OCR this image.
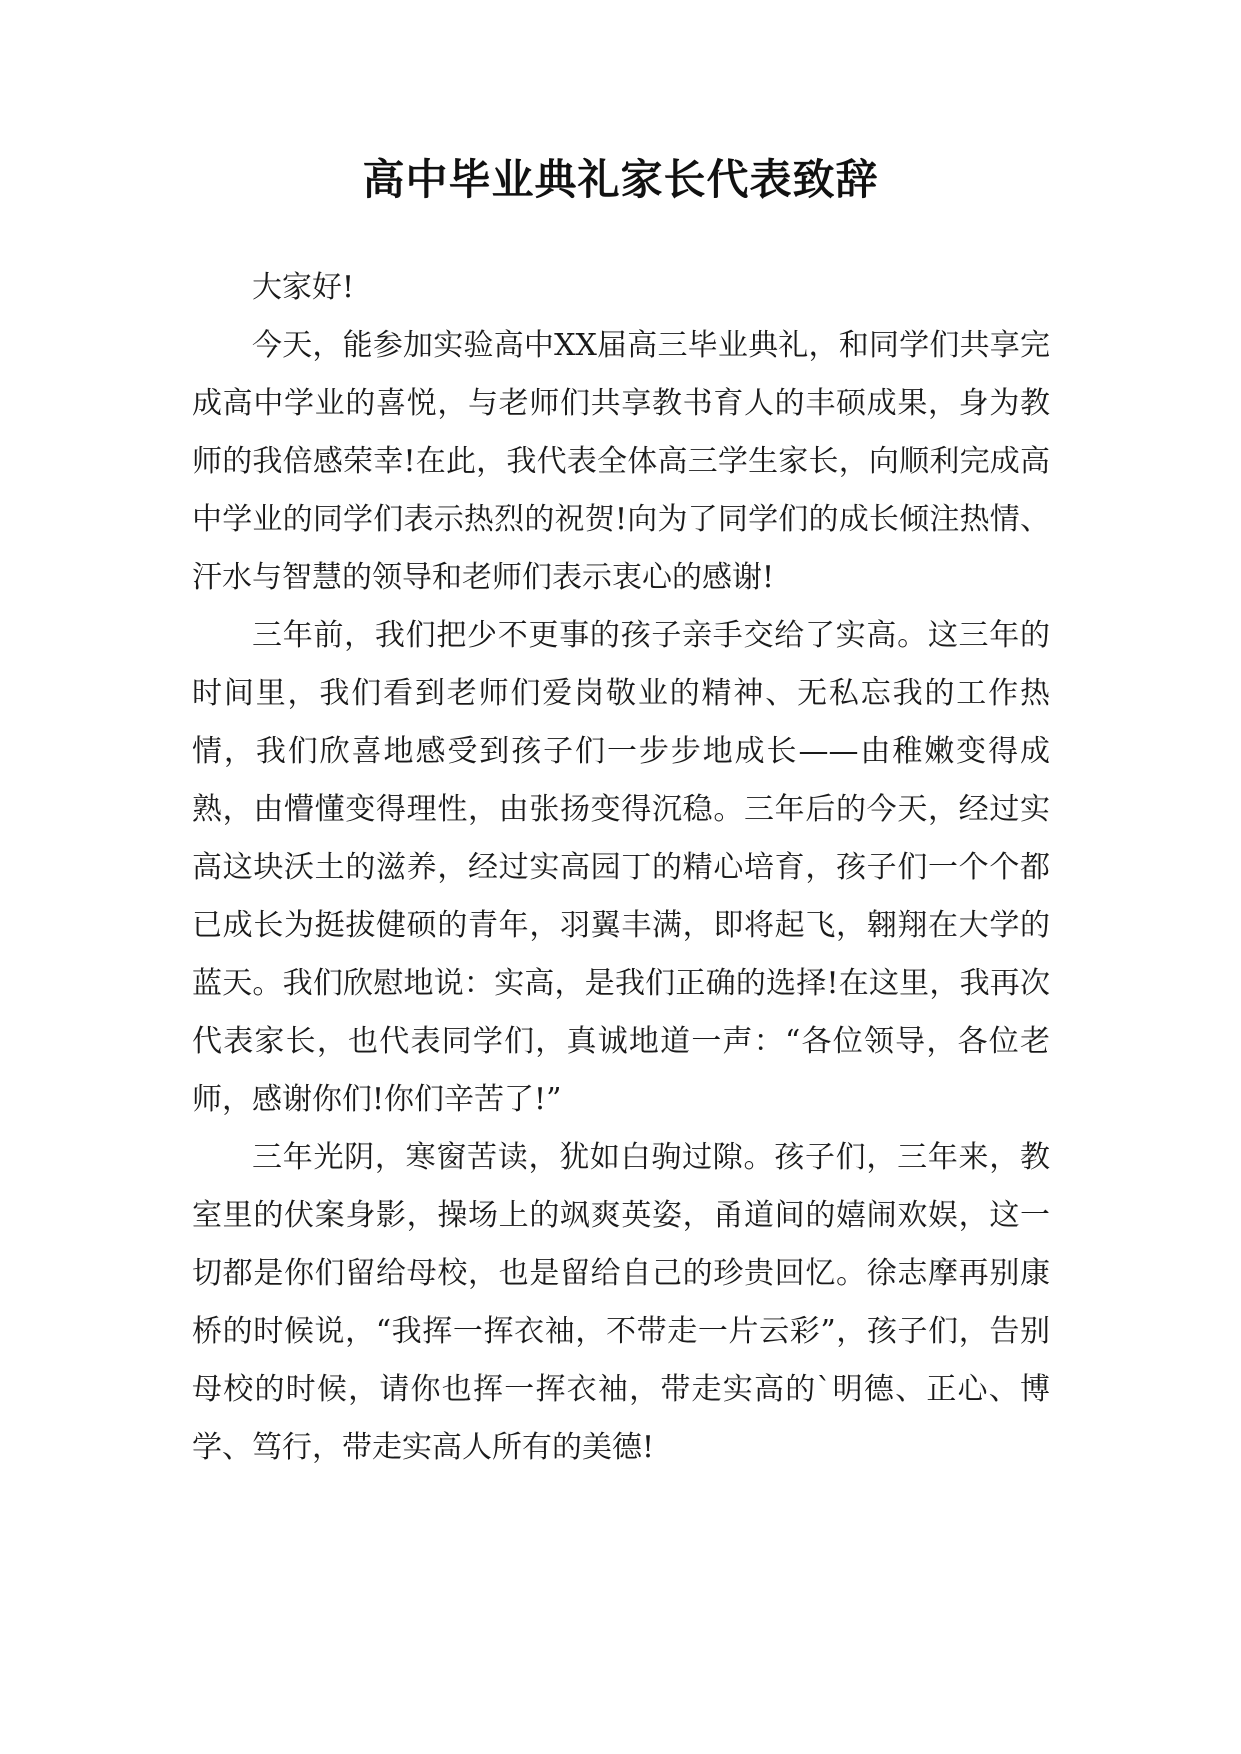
高中毕业典礼家长代表致辞

大家好!

今天，能参加实验高中XX届高三毕业典礼，和同学们共享完成高中学业的喜悦，与老师们共享教书育人的丰硕成果，身为教师的我倍感荣幸!在此，我代表全体高三学生家长，向顺利完成高中学业的同学们表示热烈的祝贺!向为了同学们的成长倾注热情、汗水与智慧的领导和老师们表示衷心的感谢!

三年前，我们把少不更事的孩子亲手交给了实高。这三年的时间里，我们看到老师们爱岗敬业的精神、无私忘我的工作热情，我们欣喜地感受到孩子们一步步地成长——由稚嫩变得成熟，由懵懂变得理性，由张扬变得沉稳。三年后的今天，经过实高这块沃土的滋养，经过实高园丁的精心培育，孩子们一个个都已成长为挺拔健硕的青年，羽翼丰满，即将起飞，翱翔在大学的蓝天。我们欣慰地说：实高，是我们正确的选择!在这里，我再次代表家长，也代表同学们，真诚地道一声：“各位领导，各位老师，感谢你们!你们辛苦了!”

三年光阴，寒窗苦读，犹如白驹过隙。孩子们，三年来，教室里的伏案身影，操场上的飒爽英姿，甬道间的嬉闹欢娱，这一切都是你们留给母校，也是留给自己的珍贵回忆。徐志摩再别康桥的时候说，“我挥一挥衣袖，不带走一片云彩”，孩子们，告别母校的时候，请你也挥一挥衣袖，带走实高的`明德、正心、博学、笃行，带走实高人所有的美德!
